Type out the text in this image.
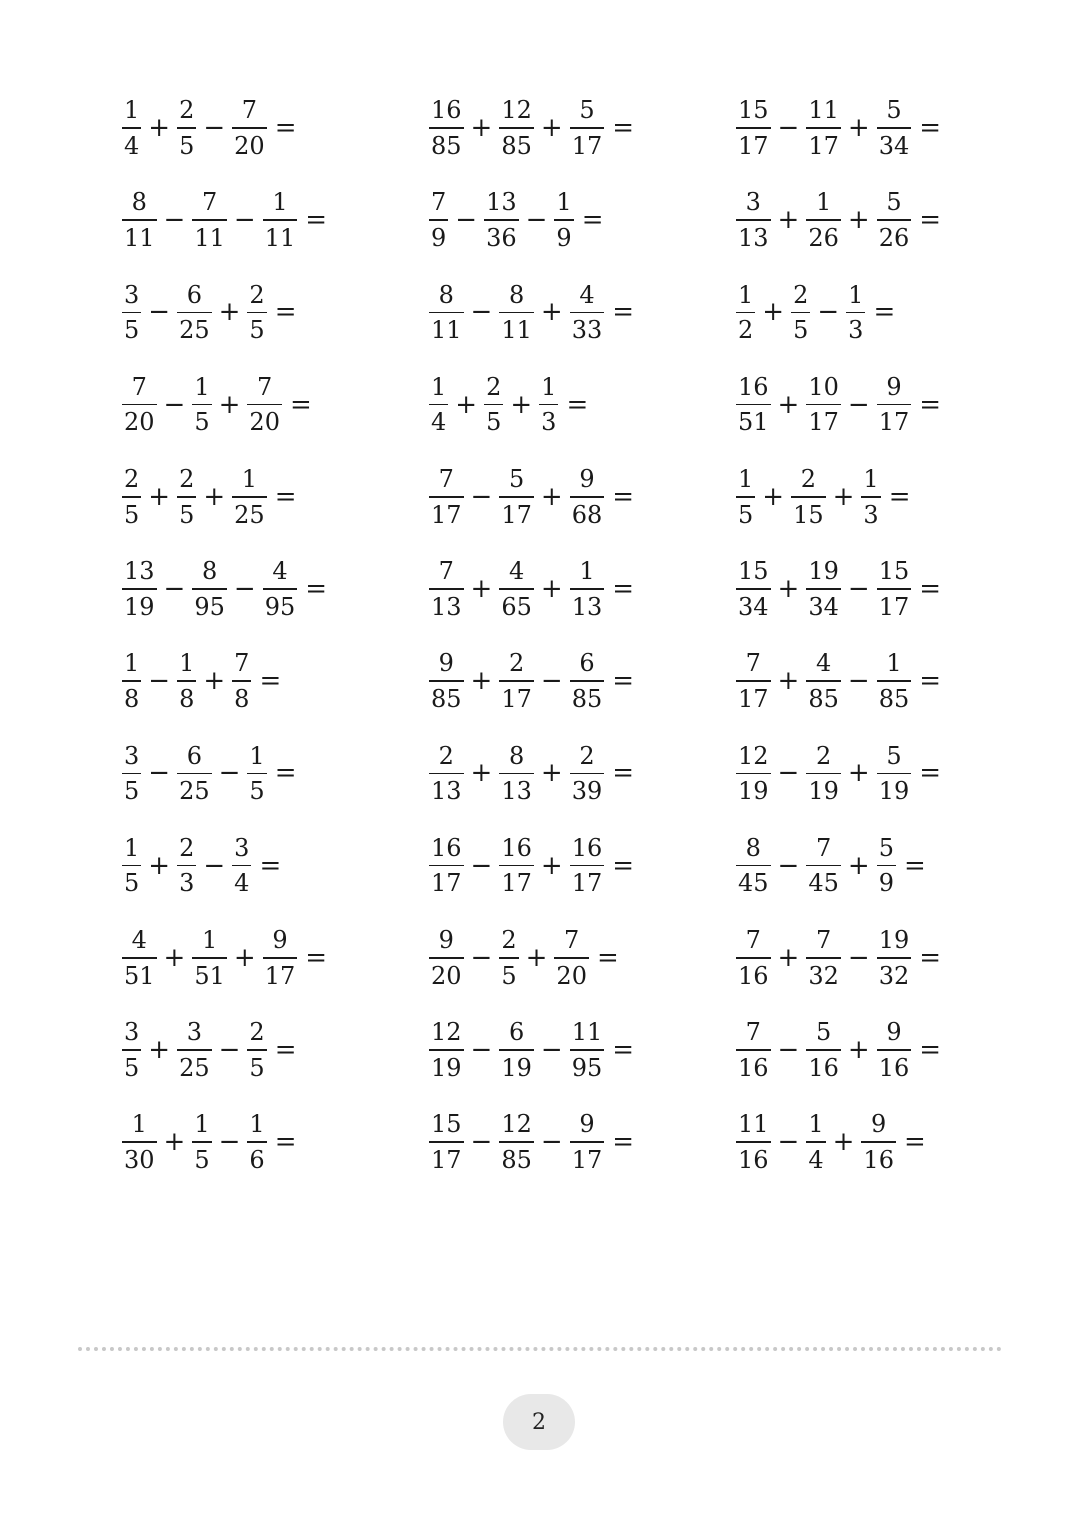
$\frac{1}{4} + \frac{2}{5} - \frac{7}{20}$ =	$\frac{16}{85} + \frac{12}{85} + \frac{5}{17}$ =	$\frac{15}{17} - \frac{11}{17} + \frac{5}{34}$ =
$\frac{8}{11} - \frac{7}{11} - \frac{1}{11}$ =	$\frac{7}{9} - \frac{13}{36} - \frac{1}{9}$ =	$\frac{3}{13} + \frac{1}{26} + \frac{5}{26}$ =
$\frac{3}{5} - \frac{6}{25} + \frac{2}{5}$ =	$\frac{8}{11} - \frac{8}{11} + \frac{4}{33}$ =	$\frac{1}{2} + \frac{2}{5} - \frac{1}{3}$ =
$\frac{7}{20} - \frac{1}{5} + \frac{7}{20}$ =	$\frac{1}{4} + \frac{2}{5} + \frac{1}{3}$ =	$\frac{16}{51} + \frac{10}{17} - \frac{9}{17}$ =
$\frac{2}{5} + \frac{2}{5} + \frac{1}{25}$ =	$\frac{7}{17} - \frac{5}{17} + \frac{9}{68}$ =	$\frac{1}{5} + \frac{2}{15} + \frac{1}{3}$ =
$\frac{13}{19} - \frac{8}{95} - \frac{4}{95}$ =	$\frac{7}{13} + \frac{4}{65} + \frac{1}{13}$ =	$\frac{15}{34} + \frac{19}{34} - \frac{15}{17}$ =
$\frac{1}{8} - \frac{1}{8} + \frac{7}{8}$ =	$\frac{9}{85} + \frac{2}{17} - \frac{6}{85}$ =	$\frac{7}{17} + \frac{4}{85} - \frac{1}{85}$ =
$\frac{3}{5} - \frac{6}{25} - \frac{1}{5}$ =	$\frac{2}{13} + \frac{8}{13} + \frac{2}{39}$ =	$\frac{12}{19} - \frac{2}{19} + \frac{5}{19}$ =
$\frac{1}{5} + \frac{2}{3} - \frac{3}{4}$ =	$\frac{16}{17} - \frac{16}{17} + \frac{16}{17}$ =	$\frac{8}{45} - \frac{7}{45} + \frac{5}{9}$ =
$\frac{4}{51} + \frac{1}{51} + \frac{9}{17}$ =	$\frac{9}{20} - \frac{2}{5} + \frac{7}{20}$ =	$\frac{7}{16} + \frac{7}{32} - \frac{19}{32}$ =
$\frac{3}{5} + \frac{3}{25} - \frac{2}{5}$ =	$\frac{12}{19} - \frac{6}{19} - \frac{11}{95}$ =	$\frac{7}{16} - \frac{5}{16} + \frac{9}{16}$ =
$\frac{1}{30} + \frac{1}{5} - \frac{1}{6}$ =	$\frac{15}{17} - \frac{12}{85} - \frac{9}{17}$ =	$\frac{11}{16} - \frac{1}{4} + \frac{9}{16}$ =
2
